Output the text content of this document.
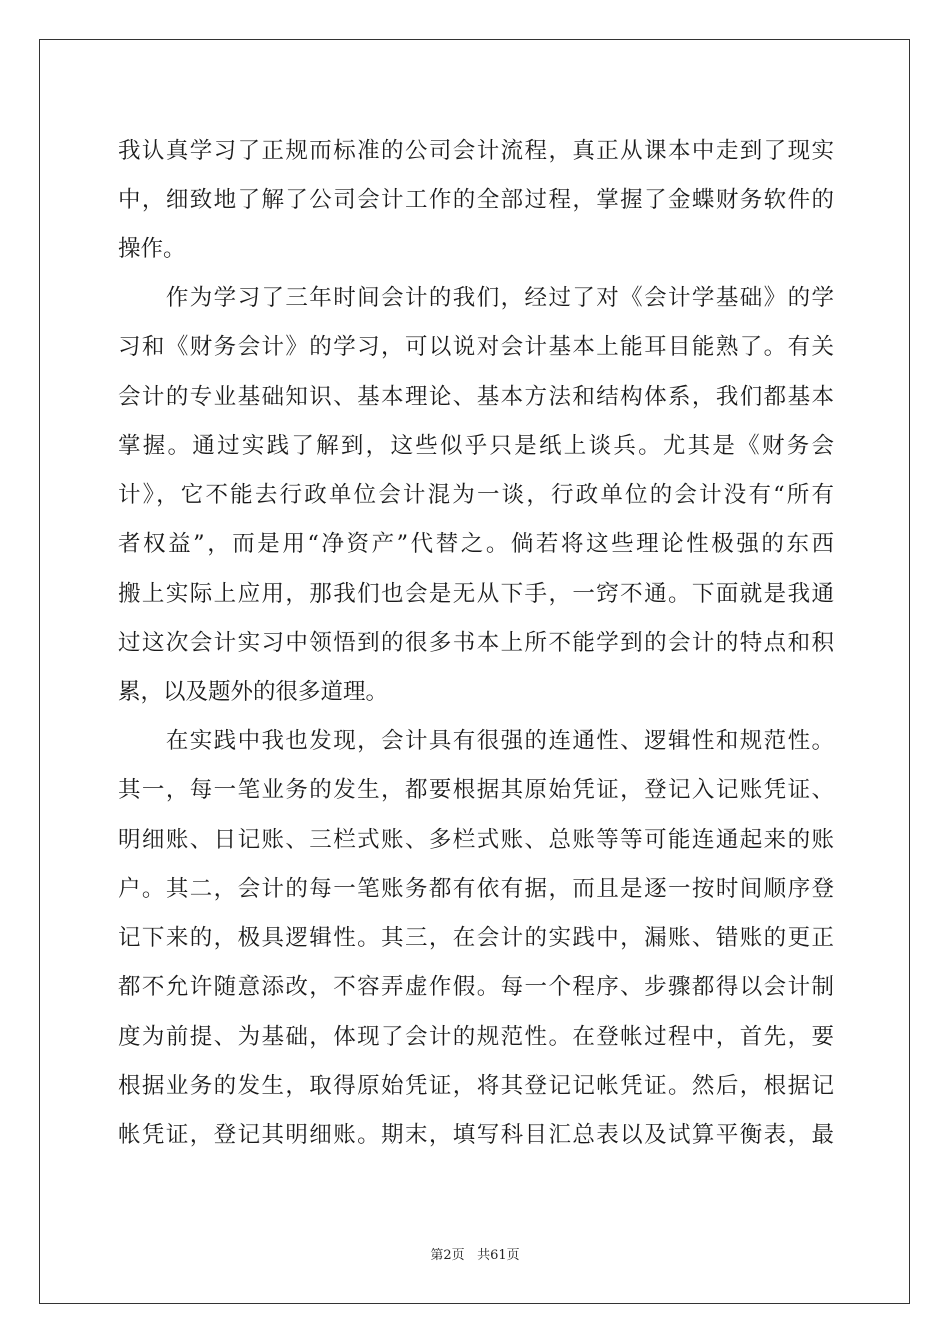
我认真学习了正规而标准的公司会计流程，真正从课本中走到了现实
中，细致地了解了公司会计工作的全部过程，掌握了金蝶财务软件的
操作。
　　作为学习了三年时间会计的我们，经过了对《会计学基础》的学
习和《财务会计》的学习，可以说对会计基本上能耳目能熟了。有关
会计的专业基础知识、基本理论、基本方法和结构体系，我们都基本
掌握。通过实践了解到，这些似乎只是纸上谈兵。尤其是《财务会
计》，它不能去行政单位会计混为一谈，行政单位的会计没有“所有
者权益”，而是用“净资产”代替之。倘若将这些理论性极强的东西
搬上实际上应用，那我们也会是无从下手，一窍不通。下面就是我通
过这次会计实习中领悟到的很多书本上所不能学到的会计的特点和积
累，以及题外的很多道理。
　　在实践中我也发现，会计具有很强的连通性、逻辑性和规范性。
其一，每一笔业务的发生，都要根据其原始凭证，登记入记账凭证、
明细账、日记账、三栏式账、多栏式账、总账等等可能连通起来的账
户。其二，会计的每一笔账务都有依有据，而且是逐一按时间顺序登
记下来的，极具逻辑性。其三，在会计的实践中，漏账、错账的更正
都不允许随意添改，不容弄虚作假。每一个程序、步骤都得以会计制
度为前提、为基础，体现了会计的规范性。在登帐过程中，首先，要
根据业务的发生，取得原始凭证，将其登记记帐凭证。然后，根据记
帐凭证，登记其明细账。期末，填写科目汇总表以及试算平衡表，最
第2页 共61页
